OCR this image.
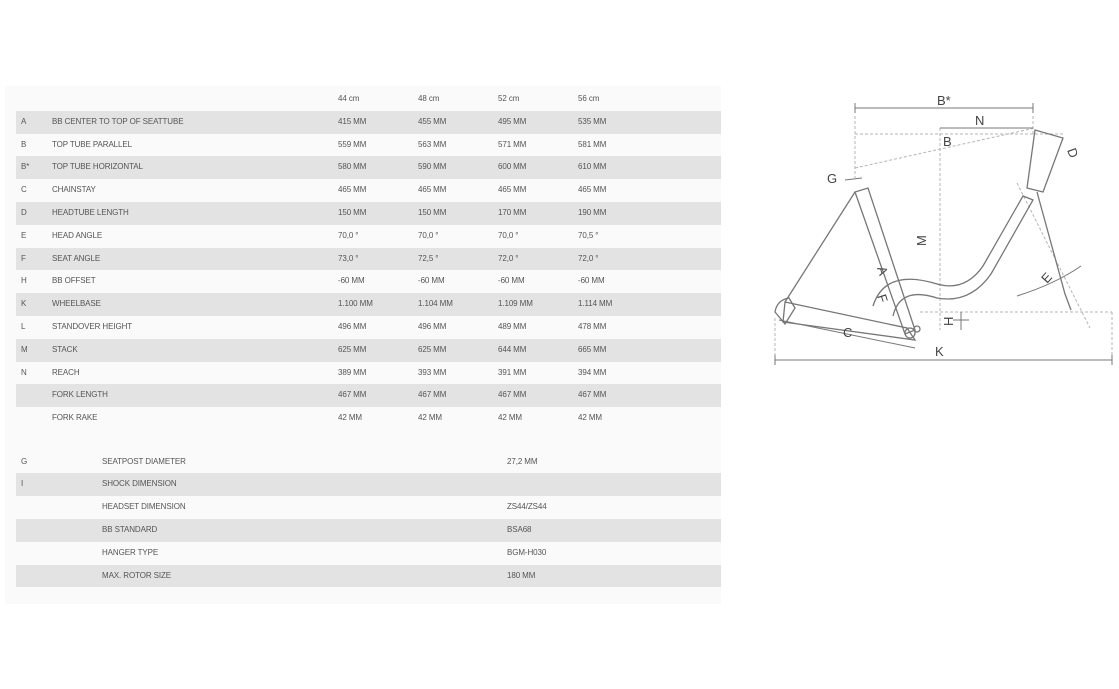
44 cm	48 cm	52 cm	56 cm
A	BB CENTER TO TOP OF SEATTUBE	415 MM	455 MM	495 MM	535 MM
B	TOP TUBE PARALLEL	559 MM	563 MM	571 MM	581 MM
B*	TOP TUBE HORIZONTAL	580 MM	590 MM	600 MM	610 MM
C	CHAINSTAY	465 MM	465 MM	465 MM	465 MM
D	HEADTUBE LENGTH	150 MM	150 MM	170 MM	190 MM
E	HEAD ANGLE	70,0 °	70,0 °	70,0 °	70,5 °
F	SEAT ANGLE	73,0 °	72,5 °	72,0 °	72,0 °
H	BB OFFSET	-60 MM	-60 MM	-60 MM	-60 MM
K	WHEELBASE	1.100 MM	1.104 MM	1.109 MM	1.114 MM
L	STANDOVER HEIGHT	496 MM	496 MM	489 MM	478 MM
M	STACK	625 MM	625 MM	644 MM	665 MM
N	REACH	389 MM	393 MM	391 MM	394 MM
FORK LENGTH	467 MM	467 MM	467 MM	467 MM
FORK RAKE	42 MM	42 MM	42 MM	42 MM
G	SEATPOST DIAMETER	27,2 MM
I	SHOCK DIMENSION
HEADSET DIMENSION	ZS44/ZS44
BB STANDARD	BSA68
HANGER TYPE	BGM-H030
MAX. ROTOR SIZE	180 MM
B*
N
B
D
G
M
A
F
E
H
C
K
